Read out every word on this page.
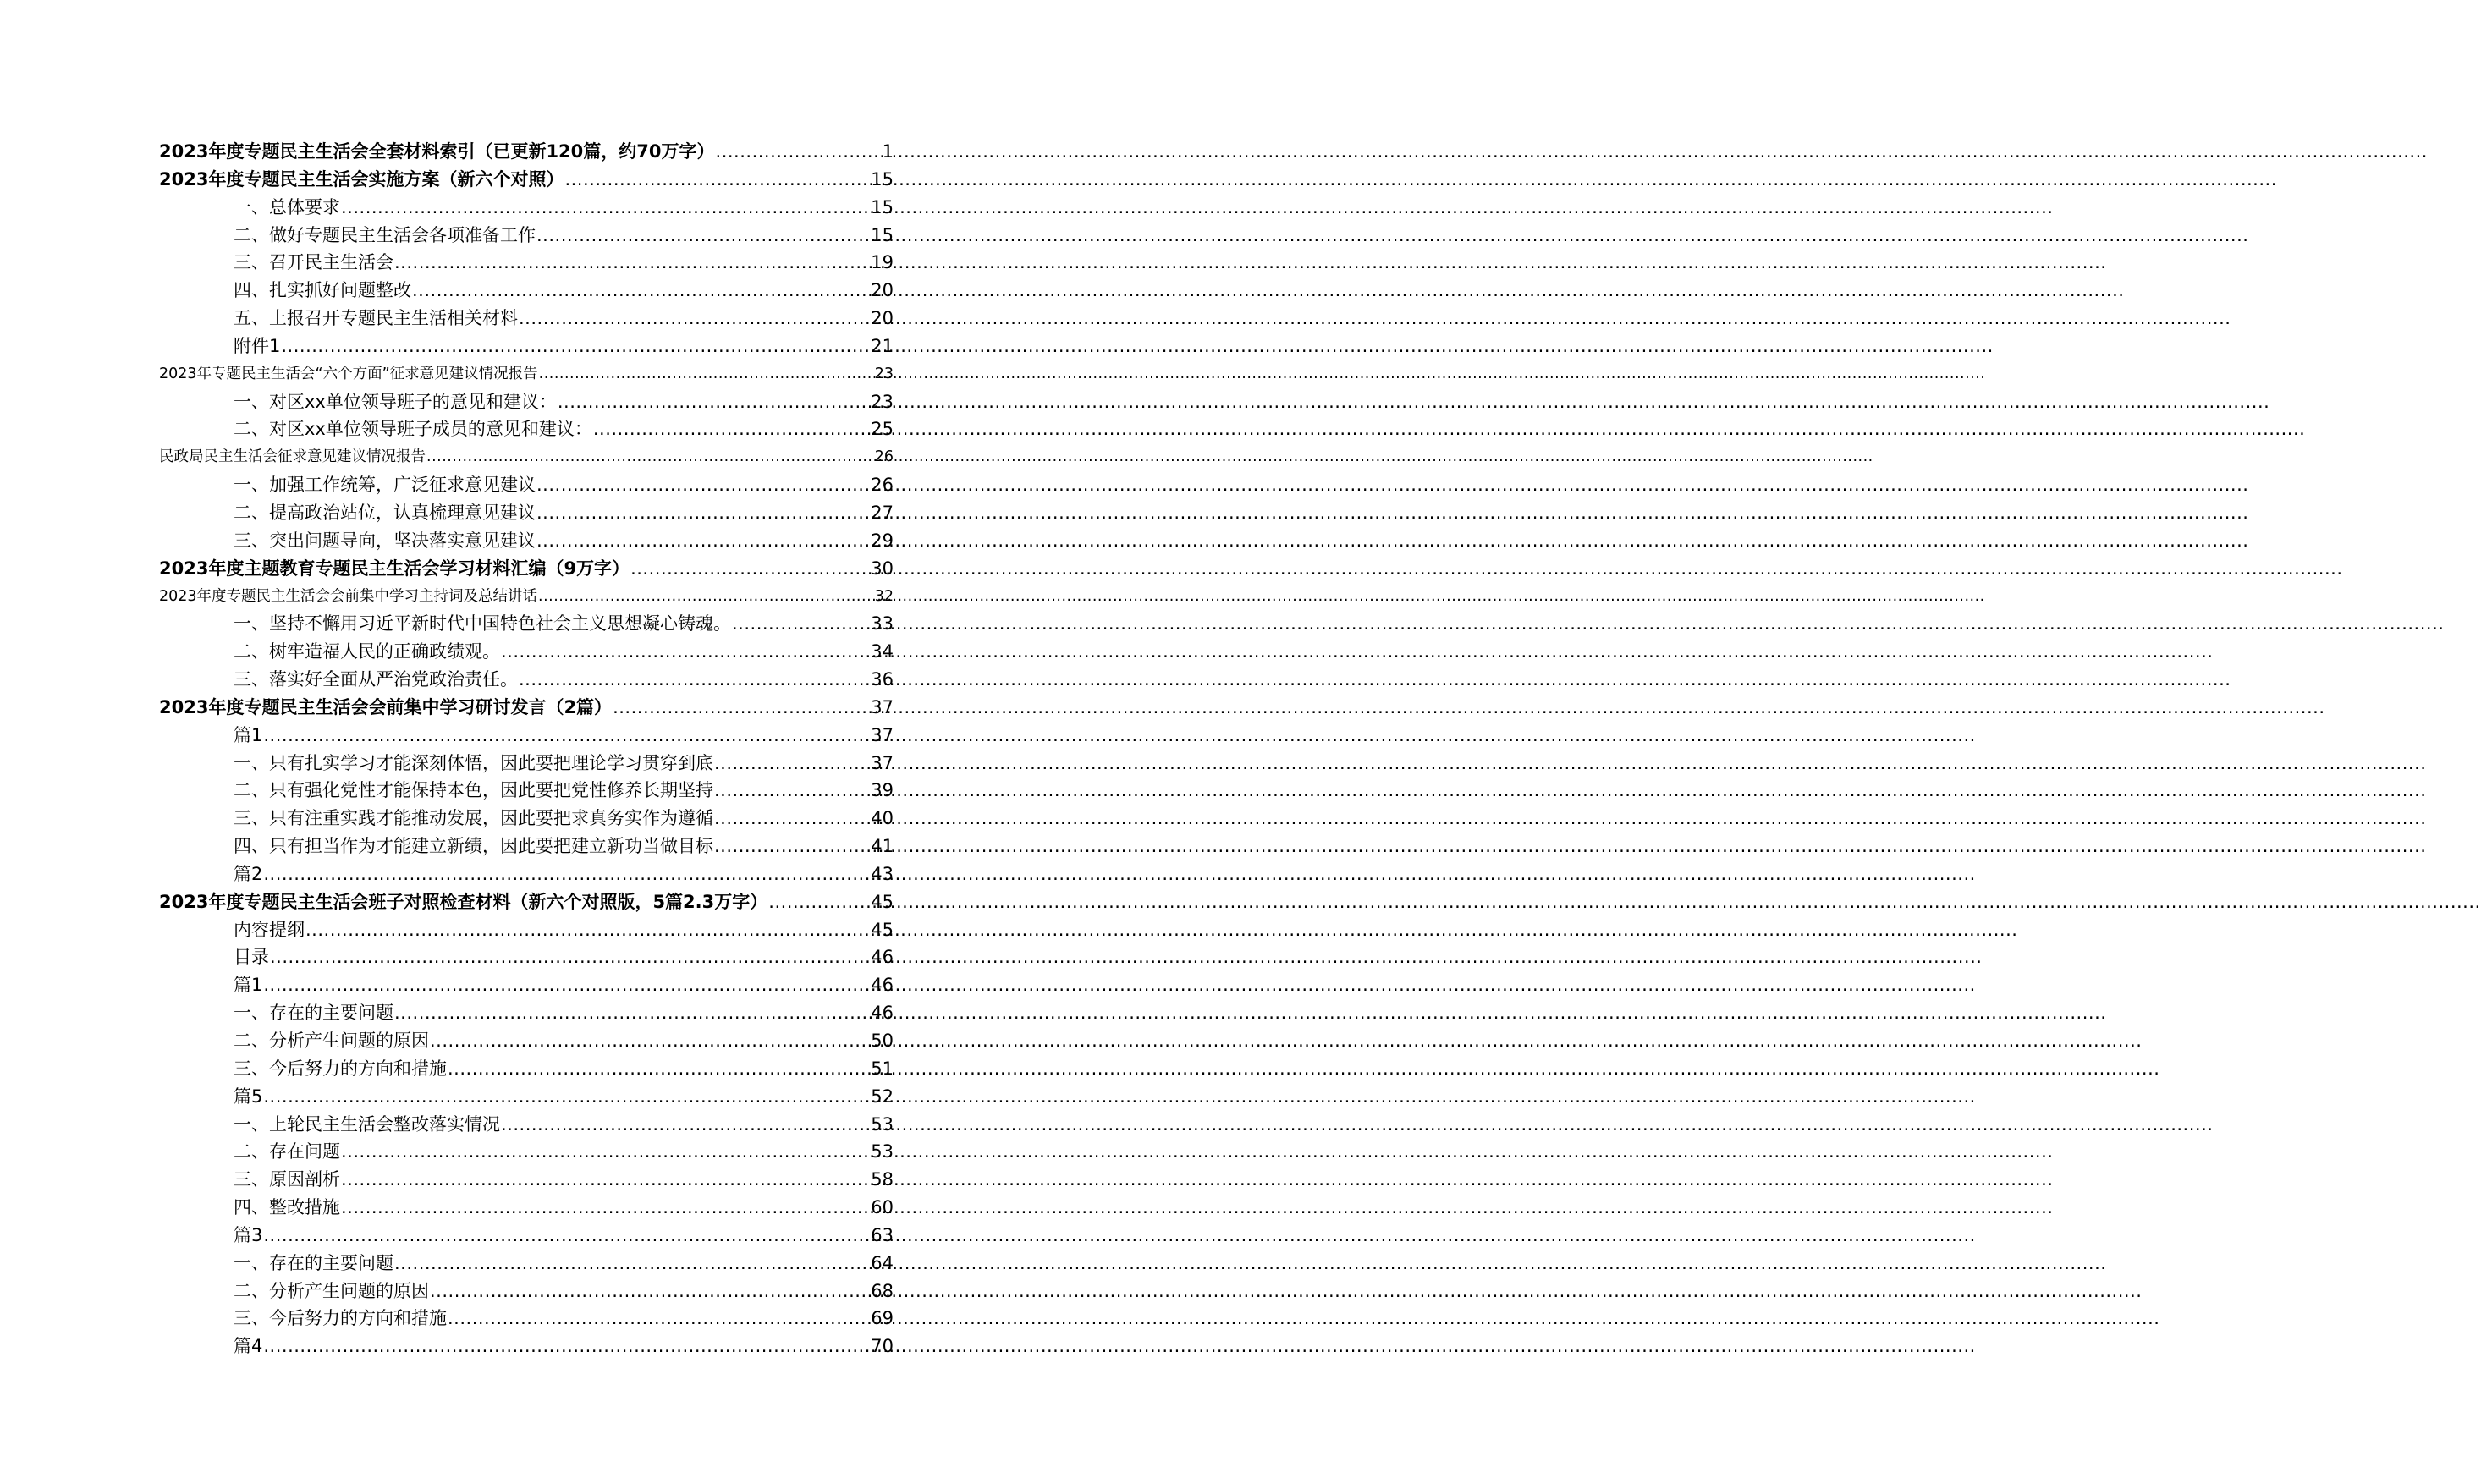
2023年度专题民主生活会全套材料索引（已更新120篇，约70万字） .....	1
2023年度专题民主生活会实施方案（新六个对照） .....	15
一、总体要求 .....	15
二、做好专题民主生活会各项准备工作 .....	15
三、召开民主生活会 .....	19
四、扎实抓好问题整改 .....	20
五、上报召开专题民主生活相关材料 .....	20
附件1 .....	21
2023年专题民主生活会“六个方面”征求意见建议情况报告 .....	23
一、对区xx单位领导班子的意见和建议： .....	23
二、对区xx单位领导班子成员的意见和建议： .....	25
民政局民主生活会征求意见建议情况报告 .....	26
一、加强工作统筹，广泛征求意见建议 .....	26
二、提高政治站位，认真梳理意见建议 .....	27
三、突出问题导向，坚决落实意见建议 .....	29
2023年度主题教育专题民主生活会学习材料汇编（9万字） .....	30
2023年度专题民主生活会会前集中学习主持词及总结讲话 .....	32
一、坚持不懈用习近平新时代中国特色社会主义思想凝心铸魂。 .....	33
二、树牢造福人民的正确政绩观。 .....	34
三、落实好全面从严治党政治责任。 .....	36
2023年度专题民主生活会会前集中学习研讨发言（2篇） .....	37
篇1 .....	37
一、只有扎实学习才能深刻体悟，因此要把理论学习贯穿到底 .....	37
二、只有强化党性才能保持本色，因此要把党性修养长期坚持 .....	39
三、只有注重实践才能推动发展，因此要把求真务实作为遵循 .....	40
四、只有担当作为才能建立新绩，因此要把建立新功当做目标 .....	41
篇2 .....	43
2023年度专题民主生活会班子对照检查材料（新六个对照版，5篇2.3万字） .....	45
内容提纲 .....	45
目录 .....	46
篇1 .....	46
一、存在的主要问题 .....	46
二、分析产生问题的原因 .....	50
三、今后努力的方向和措施 .....	51
篇5 .....	52
一、上轮民主生活会整改落实情况 .....	53
二、存在问题 .....	53
三、原因剖析 .....	58
四、整改措施 .....	60
篇3 .....	63
一、存在的主要问题 .....	64
二、分析产生问题的原因 .....	68
三、今后努力的方向和措施 .....	69
篇4 .....	70
